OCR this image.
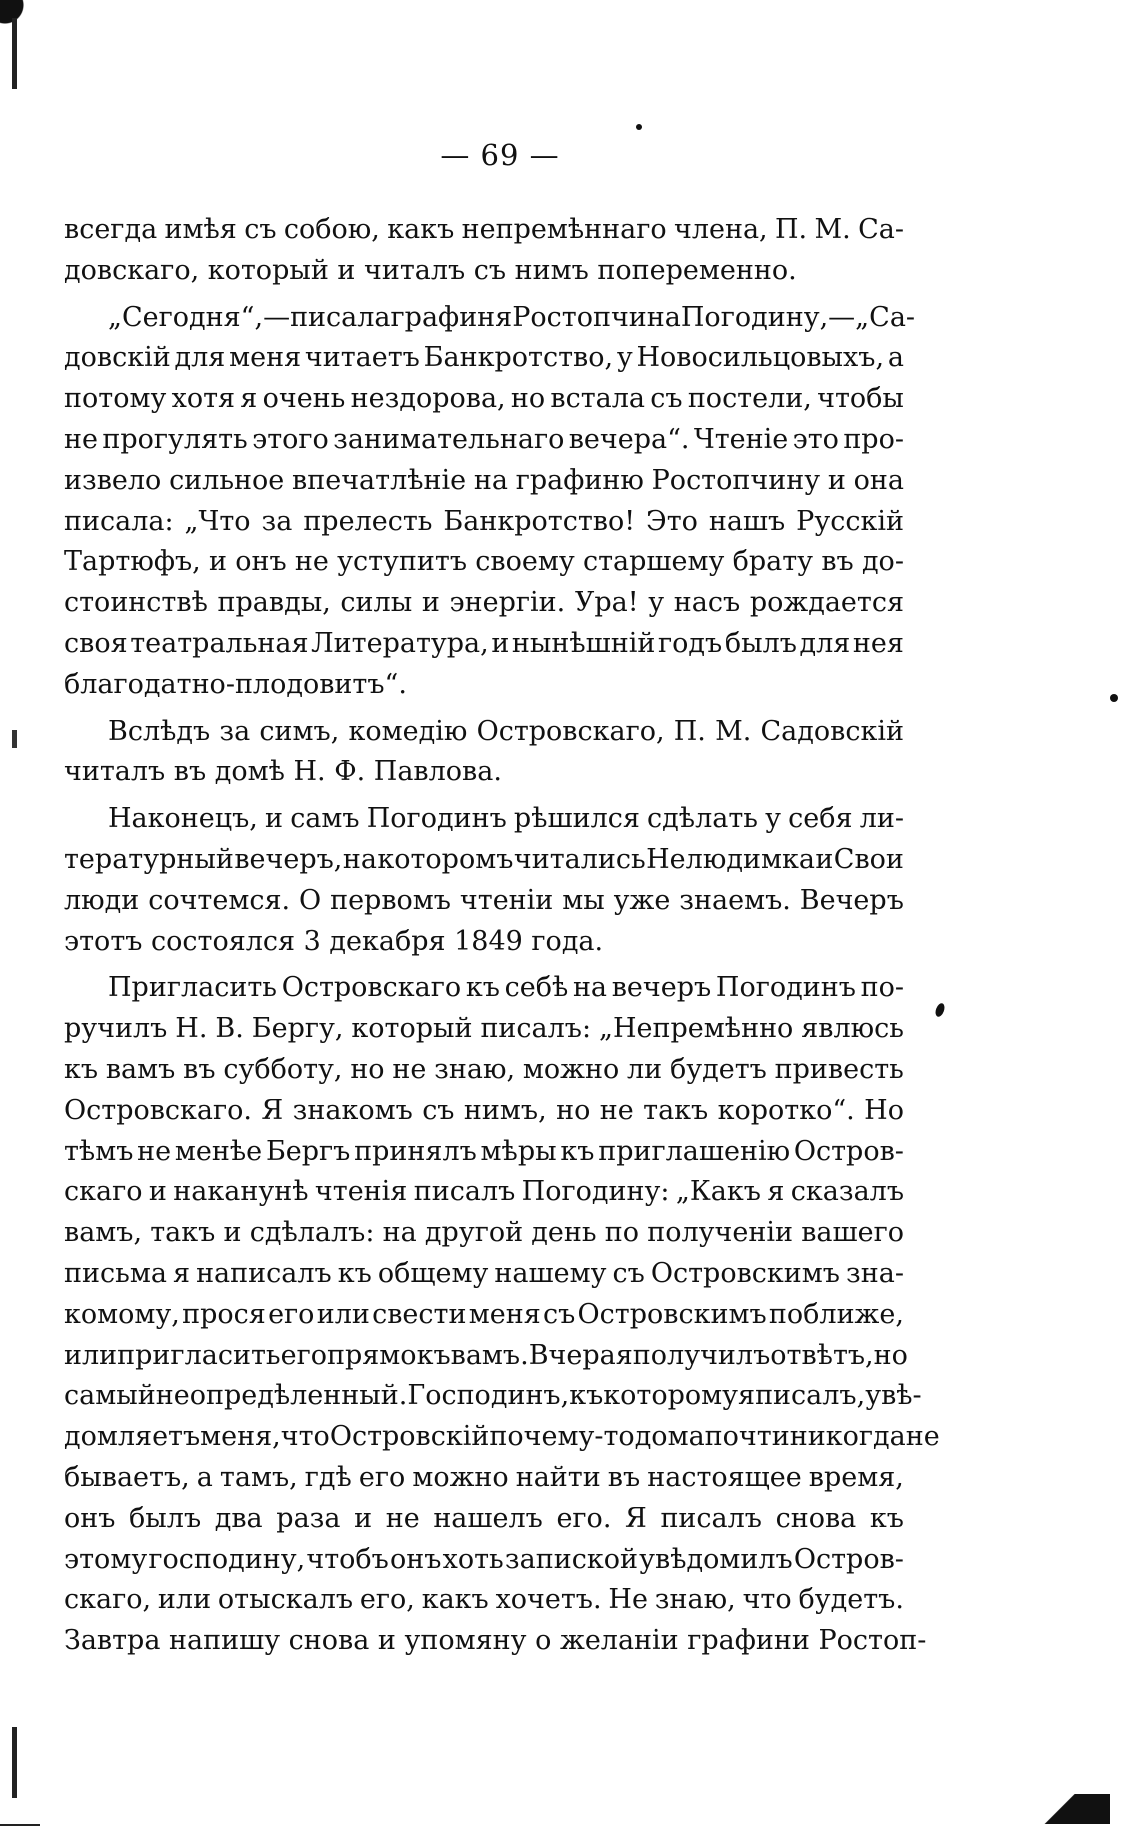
— 69 —
всегда имѣя съ собою, какъ непремѣннаго члена, П. М. Са-
довскаго, который и читалъ съ нимъ попеременно.
„Сегодня“,—писала графиня Ростопчина Погодину,—„Са-
довскій для меня читаетъ Банкротство, у Новосильцовыхъ, а
потому хотя я очень нездорова, но встала съ постели, чтобы
не прогулять этого занимательнаго вечера“. Чтеніе это про-
извело сильное впечатлѣніе на графиню Ростопчину и она
писала: „Что за прелесть Банкротство! Это нашъ Русскій
Тартюфъ, и онъ не уступитъ своему старшему брату въ до-
стоинствѣ правды, силы и энергіи. Ура! у насъ рождается
своя театральная Литература, и нынѣшній годъ былъ для нея
благодатно-плодовитъ“.
Вслѣдъ за симъ, комедію Островскаго, П. М. Садовскій
читалъ въ домѣ Н. Ф. Павлова.
Наконецъ, и самъ Погодинъ рѣшился сдѣлать у себя ли-
тературный вечеръ, на которомъ читались Нелюдимка и Свои
люди сочтемся. О первомъ чтеніи мы уже знаемъ. Вечеръ
этотъ состоялся 3 декабря 1849 года.
Пригласить Островскаго къ себѣ на вечеръ Погодинъ по-
ручилъ Н. В. Бергу, который писалъ: „Непремѣнно явлюсь
къ вамъ въ субботу, но не знаю, можно ли будетъ привесть
Островскаго. Я знакомъ съ нимъ, но не такъ коротко“. Но
тѣмъ не менѣе Бергъ принялъ мѣры къ приглашенію Остров-
скаго и наканунѣ чтенія писалъ Погодину: „Какъ я сказалъ
вамъ, такъ и сдѣлалъ: на другой день по полученіи вашего
письма я написалъ къ общему нашему съ Островскимъ зна-
комому, прося его или свести меня съ Островскимъ поближе,
или пригласить его прямо къ вамъ. Вчера я получилъ отвѣтъ, но
самый неопредѣленный. Господинъ, къ которому я писалъ, увѣ-
домляетъ меня, что Островскій по чему-то дома почти никогда не
бываетъ, а тамъ, гдѣ его можно найти въ настоящее время,
онъ былъ два раза и не нашелъ его. Я писалъ снова къ
этому господину, чтобъ онъ хоть запиской увѣдомилъ Остров-
скаго, или отыскалъ его, какъ хочетъ. Не знаю, что будетъ.
Завтра напишу снова и упомяну о желаніи графини Ростоп-
